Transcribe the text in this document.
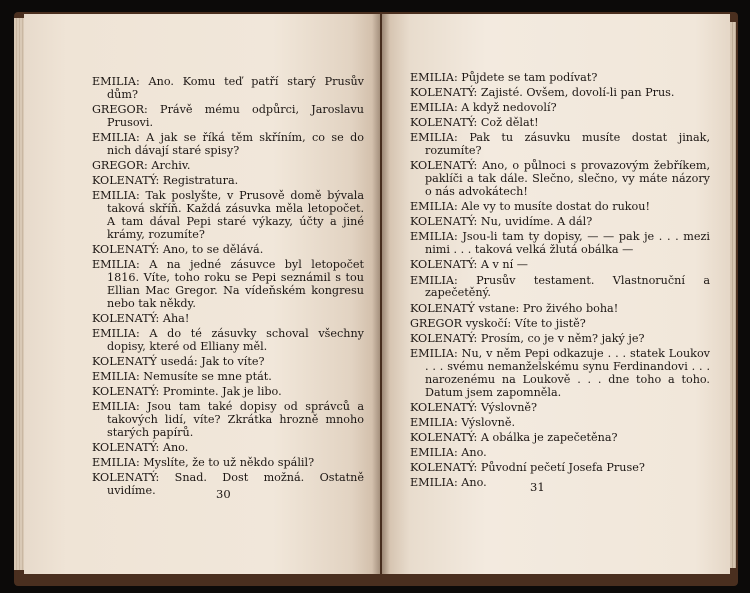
EMILIA: Ano. Komu teď patří starý Prusův dům?

GREGOR: Právě mému odpůrci, Jaroslavu Prusovi.

EMILIA: A jak se říká těm skříním, co se do nich dávají staré spisy?

GREGOR: Archiv.

KOLENATÝ: Registratura.

EMILIA: Tak poslyšte, v Prusově domě bývala taková skříň. Každá zásuvka měla letopočet. A tam dával Pepi staré výkazy, účty a jiné krámy, rozumíte?

KOLENATÝ: Ano, to se dělává.

EMILIA: A na jedné zásuvce byl letopočet 1816. Víte, toho roku se Pepi seznámil s tou Ellian Mac Gregor. Na vídeňském kongresu nebo tak někdy.

KOLENATÝ: Aha!

EMILIA: A do té zásuvky schoval všechny dopisy, které od Elliany měl.

KOLENATÝ usedá: Jak to víte?

EMILIA: Nemusíte se mne ptát.

KOLENATÝ: Prominte. Jak je libo.

EMILIA: Jsou tam také dopisy od správců a takových lidí, víte? Zkrátka hrozně mnoho starých papírů.

KOLENATÝ: Ano.

EMILIA: Myslíte, že to už někdo spálil?

KOLENATÝ: Snad. Dost možná. Ostatně uvidíme.	30

EMILIA: Půjdete se tam podívat?

KOLENATÝ: Zajisté. Ovšem, dovolí-li pan Prus.

EMILIA: A když nedovolí?

KOLENATÝ: Což dělat!

EMILIA: Pak tu zásuvku musíte dostat jinak, rozumíte?

KOLENATÝ: Ano, o půlnoci s provazovým žebříkem, paklíči a tak dále. Slečno, slečno, vy máte názory o nás advokátech!

EMILIA: Ale vy to musíte dostat do rukou!

KOLENATÝ: Nu, uvidíme. A dál?

EMILIA: Jsou-li tam ty dopisy, — — pak je . . . mezi nimi . . . taková velká žlutá obálka —

KOLENATÝ: A v ní —

EMILIA: Prusův testament. Vlastnoruční a zapečetěný.

KOLENATÝ vstane: Pro živého boha!

GREGOR vyskočí: Víte to jistě?

KOLENATÝ: Prosím, co je v něm? jaký je?

EMILIA: Nu, v něm Pepi odkazuje . . . statek Loukov . . . svému nemanželskému synu Ferdinandovi . . . narozenému na Loukově . . . dne toho a toho. Datum jsem zapomněla.

KOLENATÝ: Výslovně?

EMILIA: Výslovně.

KOLENATÝ: A obálka je zapečetěna?

EMILIA: Ano.

KOLENATÝ: Původní pečetí Josefa Pruse?

EMILIA: Ano.	31
